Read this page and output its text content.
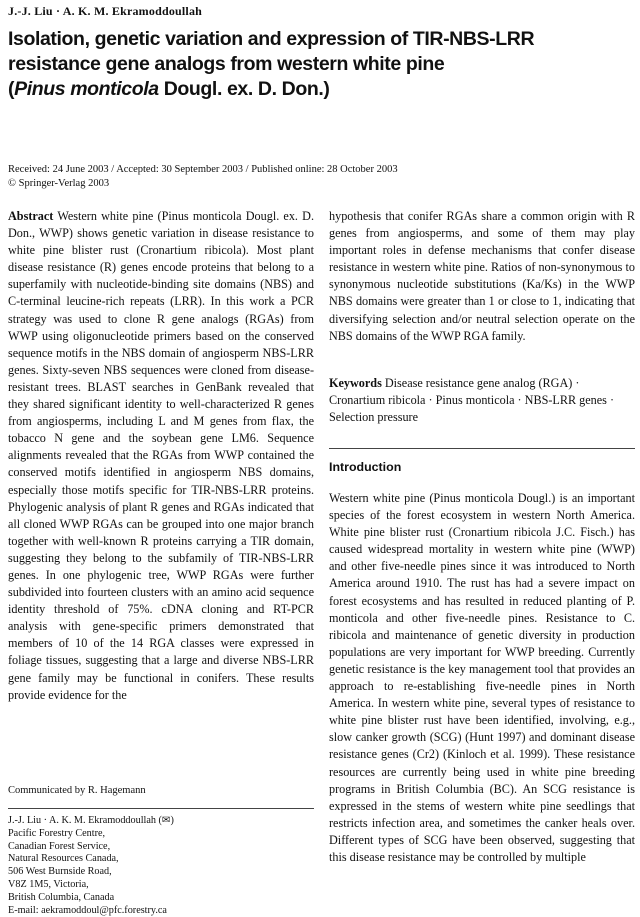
J.-J. Liu · A. K. M. Ekramoddoullah
Isolation, genetic variation and expression of TIR-NBS-LRR
resistance gene analogs from western white pine
(Pinus monticola Dougl. ex. D. Don.)
Received: 24 June 2003 / Accepted: 30 September 2003 / Published online: 28 October 2003
© Springer-Verlag 2003
Abstract Western white pine (Pinus monticola Dougl. ex. D. Don., WWP) shows genetic variation in disease resistance to white pine blister rust (Cronartium ribicola). Most plant disease resistance (R) genes encode proteins that belong to a superfamily with nucleotide-binding site domains (NBS) and C-terminal leucine-rich repeats (LRR). In this work a PCR strategy was used to clone R gene analogs (RGAs) from WWP using oligonucleotide primers based on the conserved sequence motifs in the NBS domain of angiosperm NBS-LRR genes. Sixty-seven NBS sequences were cloned from disease-resistant trees. BLAST searches in GenBank revealed that they shared significant identity to well-characterized R genes from angiosperms, including L and M genes from flax, the tobacco N gene and the soybean gene LM6. Sequence alignments revealed that the RGAs from WWP contained the conserved motifs identified in angiosperm NBS domains, especially those motifs specific for TIR-NBS-LRR proteins. Phylogenic analysis of plant R genes and RGAs indicated that all cloned WWP RGAs can be grouped into one major branch together with well-known R proteins carrying a TIR domain, suggesting they belong to the subfamily of TIR-NBS-LRR genes. In one phylogenic tree, WWP RGAs were further subdivided into fourteen clusters with an amino acid sequence identity threshold of 75%. cDNA cloning and RT-PCR analysis with gene-specific primers demonstrated that members of 10 of the 14 RGA classes were expressed in foliage tissues, suggesting that a large and diverse NBS-LRR gene family may be functional in conifers. These results provide evidence for the
hypothesis that conifer RGAs share a common origin with R genes from angiosperms, and some of them may play important roles in defense mechanisms that confer disease resistance in western white pine. Ratios of non-synonymous to synonymous nucleotide substitutions (Ka/Ks) in the WWP NBS domains were greater than 1 or close to 1, indicating that diversifying selection and/or neutral selection operate on the NBS domains of the WWP RGA family.
Keywords Disease resistance gene analog (RGA) · Cronartium ribicola · Pinus monticola · NBS-LRR genes · Selection pressure
Introduction
Western white pine (Pinus monticola Dougl.) is an important species of the forest ecosystem in western North America. White pine blister rust (Cronartium ribicola J.C. Fisch.) has caused widespread mortality in western white pine (WWP) and other five-needle pines since it was introduced to North America around 1910. The rust has had a severe impact on forest ecosystems and has resulted in reduced planting of P. monticola and other five-needle pines. Resistance to C. ribicola and maintenance of genetic diversity in production populations are very important for WWP breeding. Currently genetic resistance is the key management tool that provides an approach to re-establishing five-needle pines in North America. In western white pine, several types of resistance to white pine blister rust have been identified, involving, e.g., slow canker growth (SCG) (Hunt 1997) and dominant disease resistance genes (Cr2) (Kinloch et al. 1999). These resistance resources are currently being used in white pine breeding programs in British Columbia (BC). An SCG resistance is expressed in the stems of western white pine seedlings that restricts infection area, and sometimes the canker heals over. Different types of SCG have been observed, suggesting that this disease resistance may be controlled by multiple
Communicated by R. Hagemann
J.-J. Liu · A. K. M. Ekramoddoullah (✉)
Pacific Forestry Centre,
Canadian Forest Service,
Natural Resources Canada,
506 West Burnside Road,
V8Z 1M5, Victoria,
British Columbia, Canada
E-mail: aekramoddoul@pfc.forestry.ca
